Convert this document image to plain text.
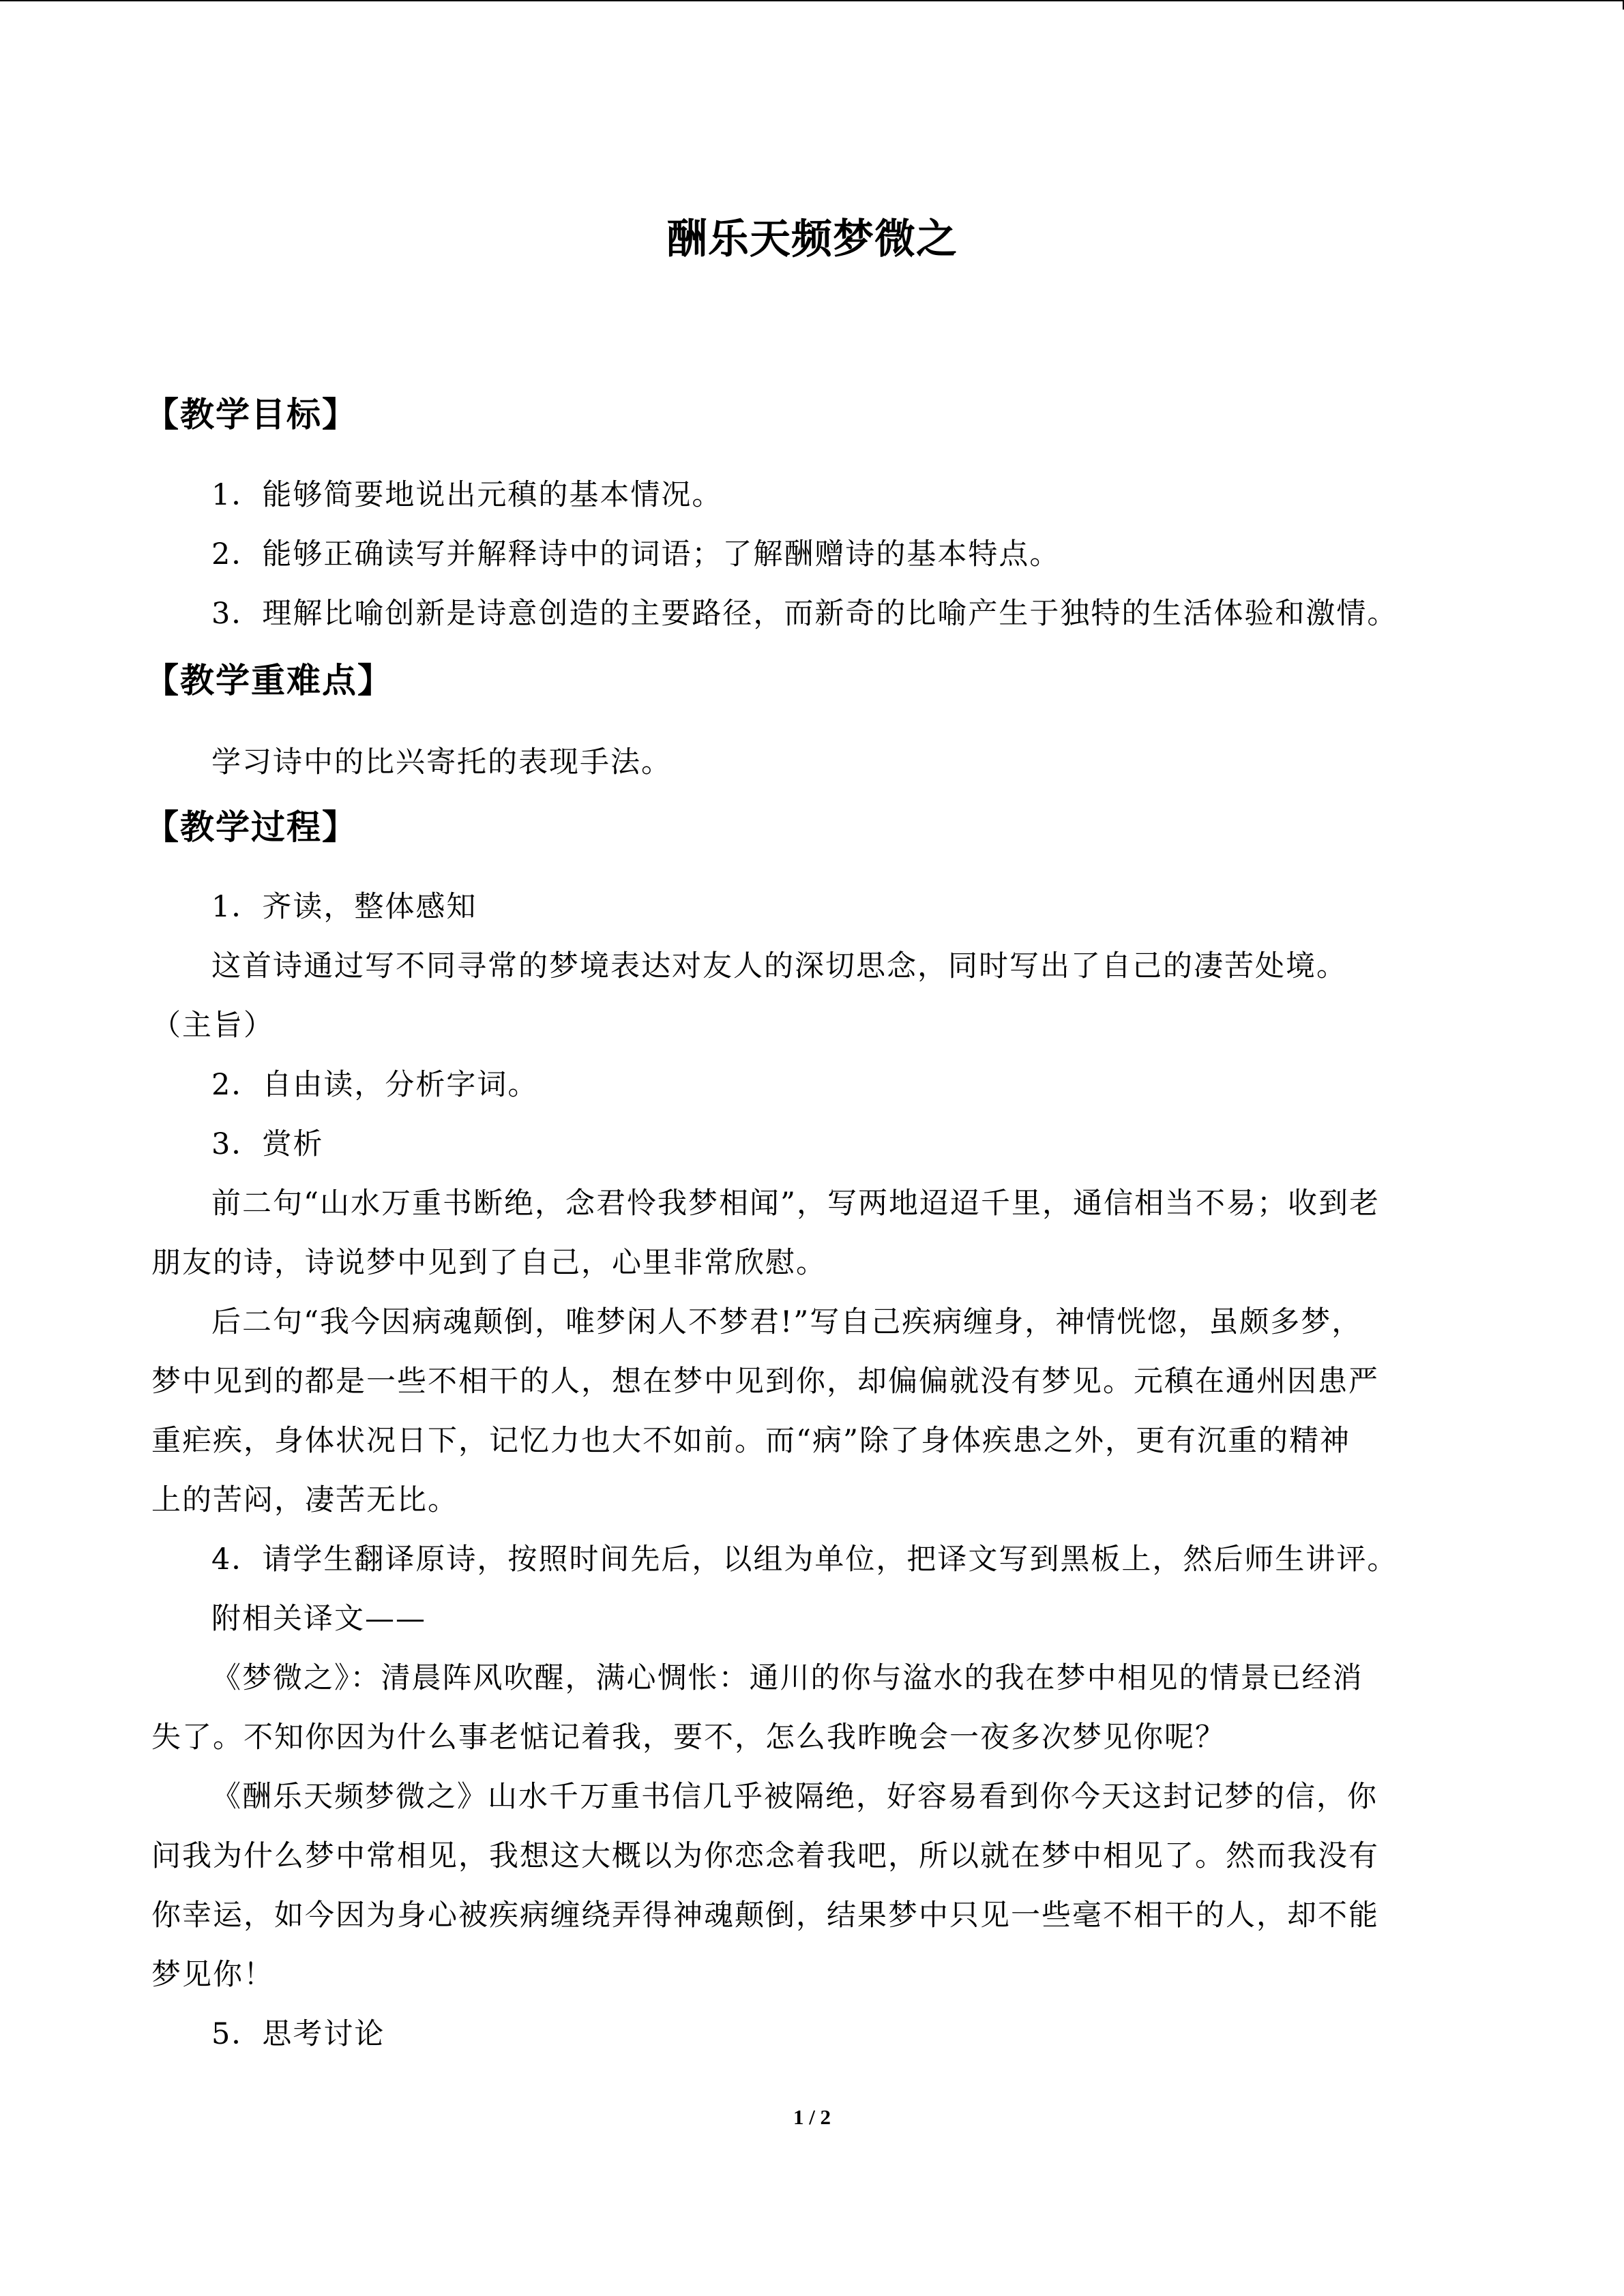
酬乐天频梦微之
【教学目标】
1．能够简要地说出元稹的基本情况。
2．能够正确读写并解释诗中的词语；了解酬赠诗的基本特点。
3．理解比喻创新是诗意创造的主要路径，而新奇的比喻产生于独特的生活体验和激情。
【教学重难点】
学习诗中的比兴寄托的表现手法。
【教学过程】
1．齐读，整体感知
这首诗通过写不同寻常的梦境表达对友人的深切思念，同时写出了自己的凄苦处境。
（主旨）
2．自由读，分析字词。
3．赏析
前二句“山水万重书断绝，念君怜我梦相闻”，写两地迢迢千里，通信相当不易；收到老
朋友的诗，诗说梦中见到了自己，心里非常欣慰。
后二句“我今因病魂颠倒，唯梦闲人不梦君!”写自己疾病缠身，神情恍惚，虽颇多梦，
梦中见到的都是一些不相干的人，想在梦中见到你，却偏偏就没有梦见。元稹在通州因患严
重疟疾，身体状况日下，记忆力也大不如前。而“病”除了身体疾患之外，更有沉重的精神
上的苦闷，凄苦无比。
4．请学生翻译原诗，按照时间先后，以组为单位，把译文写到黑板上，然后师生讲评。
附相关译文——
《梦微之》：清晨阵风吹醒，满心惆怅：通川的你与湓水的我在梦中相见的情景已经消
失了。不知你因为什么事老惦记着我，要不，怎么我昨晚会一夜多次梦见你呢？
《酬乐天频梦微之》山水千万重书信几乎被隔绝，好容易看到你今天这封记梦的信，你
问我为什么梦中常相见，我想这大概以为你恋念着我吧，所以就在梦中相见了。然而我没有
你幸运，如今因为身心被疾病缠绕弄得神魂颠倒，结果梦中只见一些毫不相干的人，却不能
梦见你！
5．思考讨论
1 / 2
